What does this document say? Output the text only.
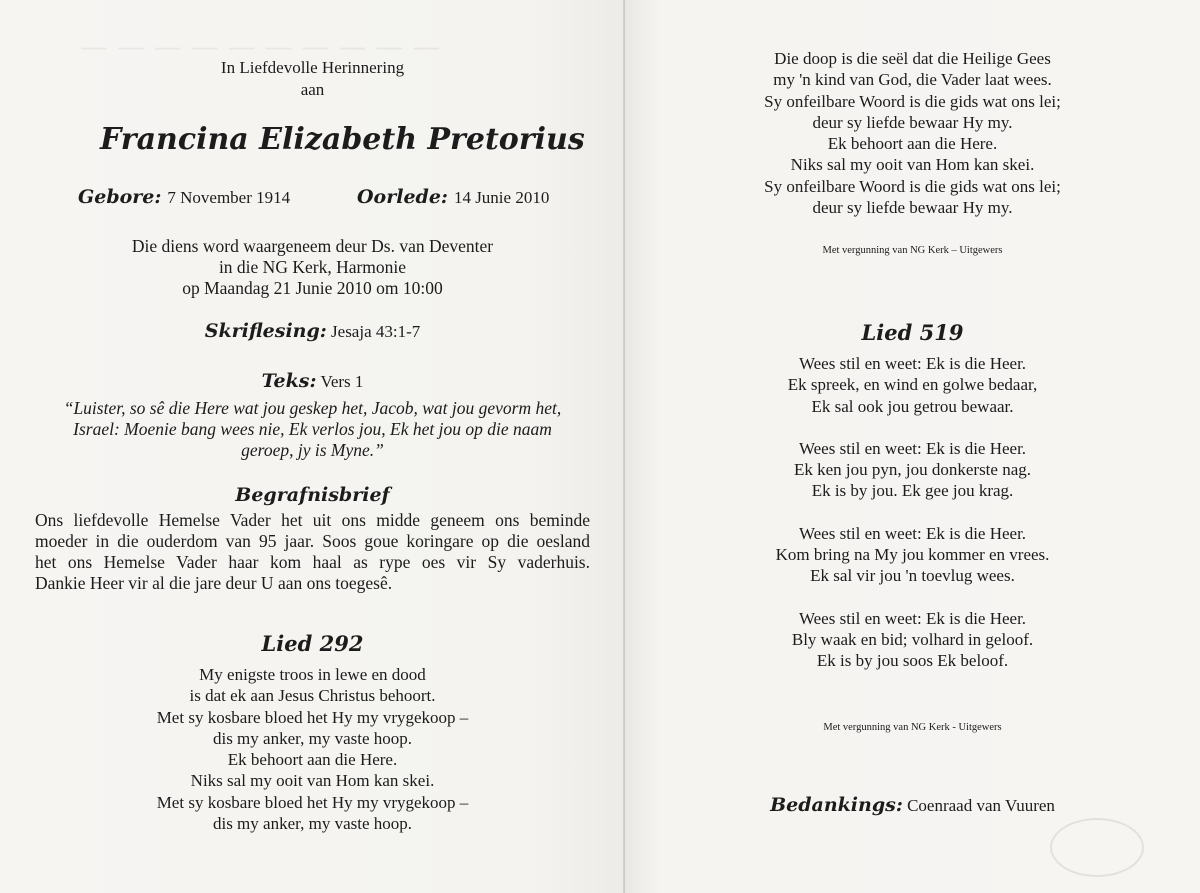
— — — — — — — — — —
In Liefdevolle Herinnering
aan
Francina Elizabeth Pretorius
Gebore: 7 November 1914	Oorlede: 14 Junie 2010
Die diens word waargeneem deur Ds. van Deventer
in die NG Kerk, Harmonie
op Maandag 21 Junie 2010 om 10:00
Skriflesing: Jesaja 43:1-7
Teks: Vers 1
“Luister, so sê die Here wat jou geskep het, Jacob, wat jou gevorm het,
Israel: Moenie bang wees nie, Ek verlos jou, Ek het jou op die naam
geroep, jy is Myne.”
Begrafnisbrief
Ons liefdevolle Hemelse Vader het uit ons midde geneem ons beminde
moeder in die ouderdom van 95 jaar. Soos goue koringare op die oesland
het ons Hemelse Vader haar kom haal as rype oes vir Sy vaderhuis.
Dankie Heer vir al die jare deur U aan ons toegesê.
Lied 292
My enigste troos in lewe en dood
is dat ek aan Jesus Christus behoort.
Met sy kosbare bloed het Hy my vrygekoop –
dis my anker, my vaste hoop.
Ek behoort aan die Here.
Niks sal my ooit van Hom kan skei.
Met sy kosbare bloed het Hy my vrygekoop –
dis my anker, my vaste hoop.
Die doop is die seël dat die Heilige Gees
my 'n kind van God, die Vader laat wees.
Sy onfeilbare Woord is die gids wat ons lei;
deur sy liefde bewaar Hy my.
Ek behoort aan die Here.
Niks sal my ooit van Hom kan skei.
Sy onfeilbare Woord is die gids wat ons lei;
deur sy liefde bewaar Hy my.
Met vergunning van NG Kerk – Uitgewers
Lied 519
Wees stil en weet: Ek is die Heer.
Ek spreek, en wind en golwe bedaar,
Ek sal ook jou getrou bewaar.
Wees stil en weet: Ek is die Heer.
Ek ken jou pyn, jou donkerste nag.
Ek is by jou. Ek gee jou krag.
Wees stil en weet: Ek is die Heer.
Kom bring na My jou kommer en vrees.
Ek sal vir jou 'n toevlug wees.
Wees stil en weet: Ek is die Heer.
Bly waak en bid; volhard in geloof.
Ek is by jou soos Ek beloof.
Met vergunning van NG Kerk - Uitgewers
Bedankings: Coenraad van Vuuren
